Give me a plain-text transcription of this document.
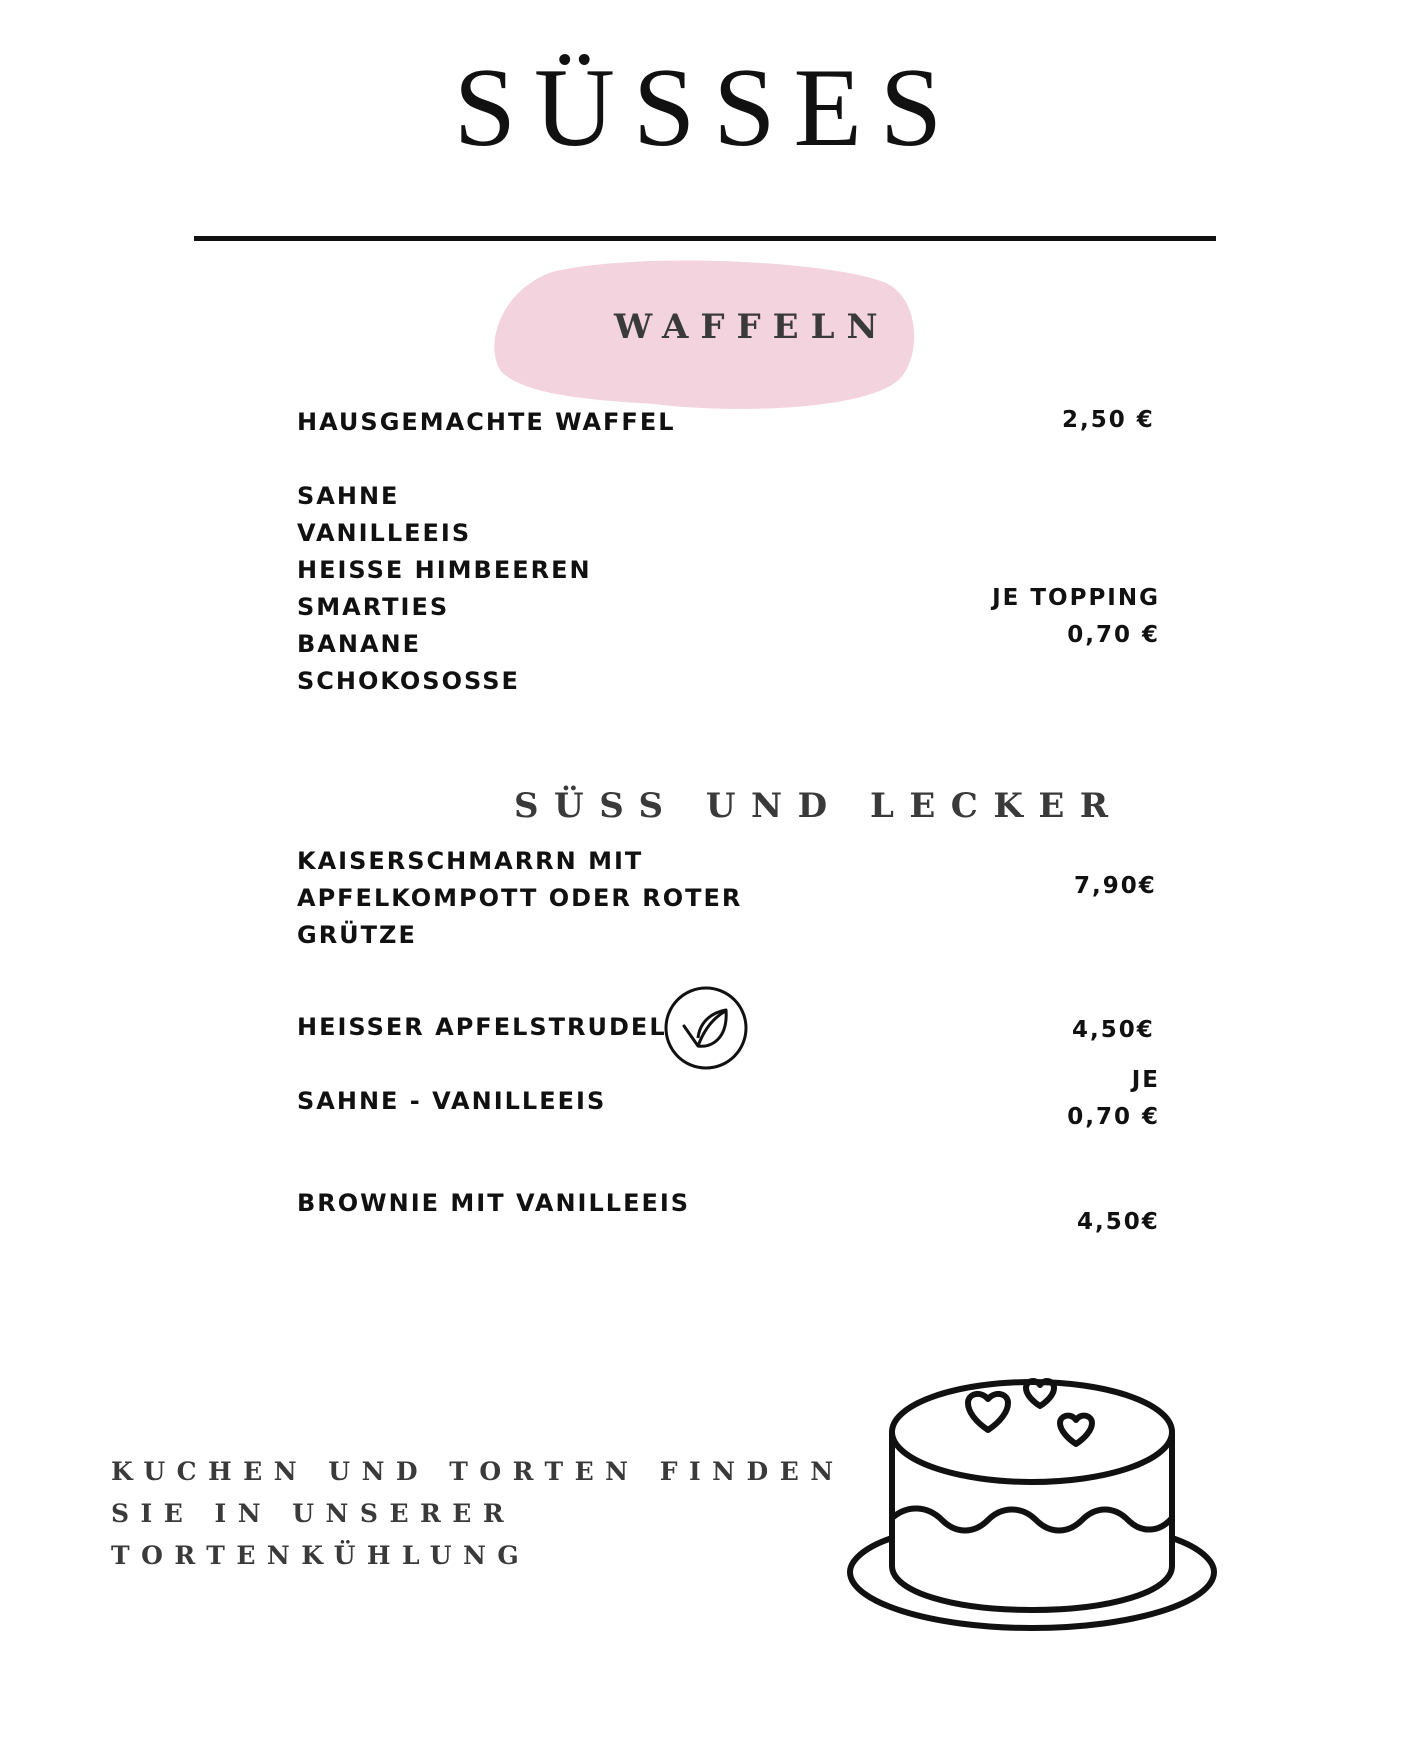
SÜSSES
WAFFELN
HAUSGEMACHTE WAFFEL	2,50 €
SAHNE
VANILLEEIS
HEISSE HIMBEEREN
SMARTIES
BANANE
SCHOKOSOSSE
JE TOPPING
0,70 €
SÜSS UND LECKER
KAISERSCHMARRN MIT
APFELKOMPOTT ODER ROTER
GRÜTZE
7,90€
HEISSER APFELSTRUDEL	4,50€
SAHNE - VANILLEEIS
JE
0,70 €
BROWNIE MIT VANILLEEIS
4,50€
KUCHEN UND TORTEN FINDEN
SIE IN UNSERER
TORTENKÜHLUNG
